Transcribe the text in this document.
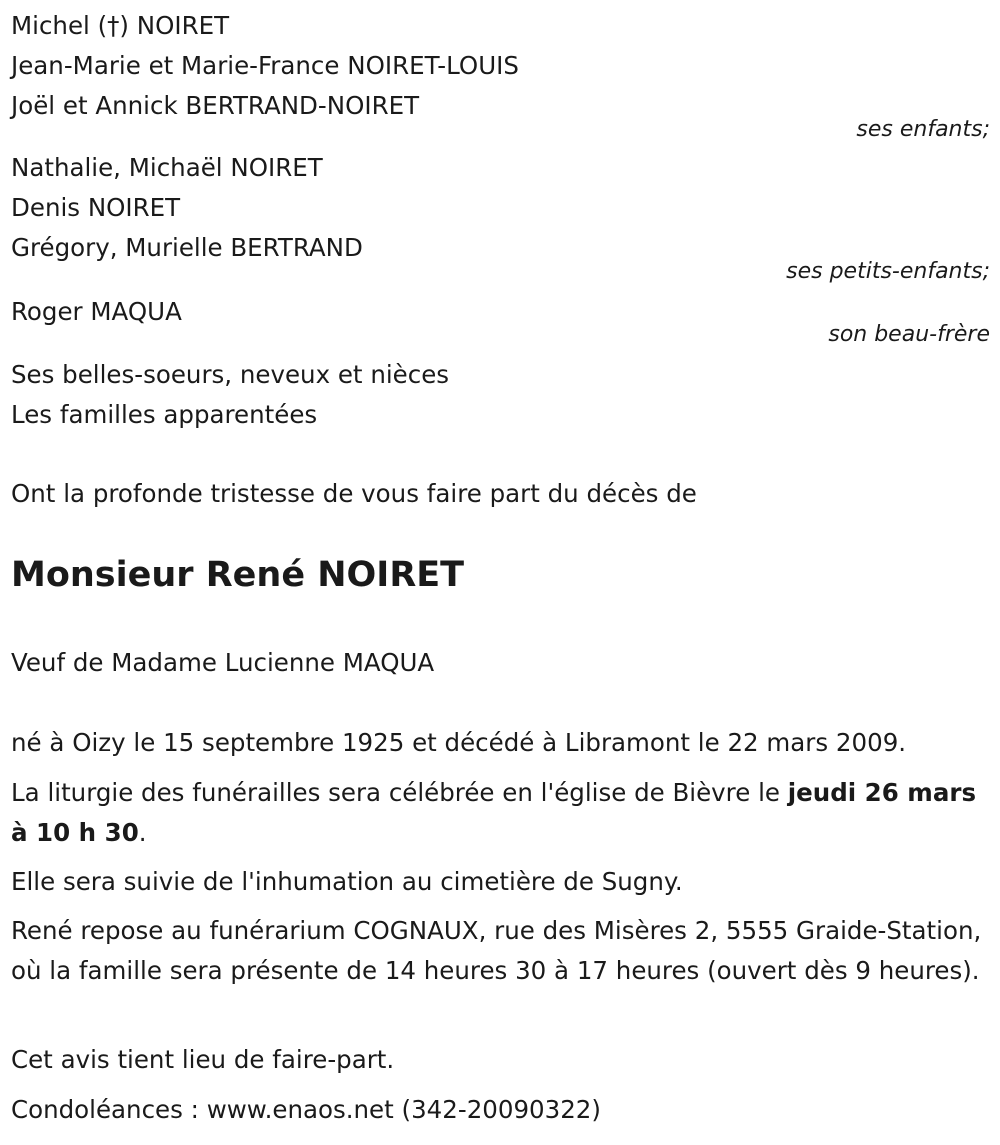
Michel (†) NOIRET

Jean-Marie et Marie-France NOIRET-LOUIS

Joël et Annick BERTRAND-NOIRET

ses enfants;

Nathalie, Michaël NOIRET

Denis NOIRET

Grégory, Murielle BERTRAND

ses petits-enfants;

Roger MAQUA

son beau-frère

Ses belles-soeurs, neveux et nièces

Les familles apparentées

Ont la profonde tristesse de vous faire part du décès de

Monsieur René NOIRET

Veuf de Madame Lucienne MAQUA

né à Oizy le 15 septembre 1925 et décédé à Libramont le 22 mars 2009.

La liturgie des funérailles sera célébrée en l'église de Bièvre le jeudi 26 mars à 10 h 30.

Elle sera suivie de l'inhumation au cimetière de Sugny.

René repose au funérarium COGNAUX, rue des Misères 2, 5555 Graide-Station, où la famille sera présente de 14 heures 30 à 17 heures (ouvert dès 9 heures).

Cet avis tient lieu de faire-part.

Condoléances : www.enaos.net (342-20090322)
